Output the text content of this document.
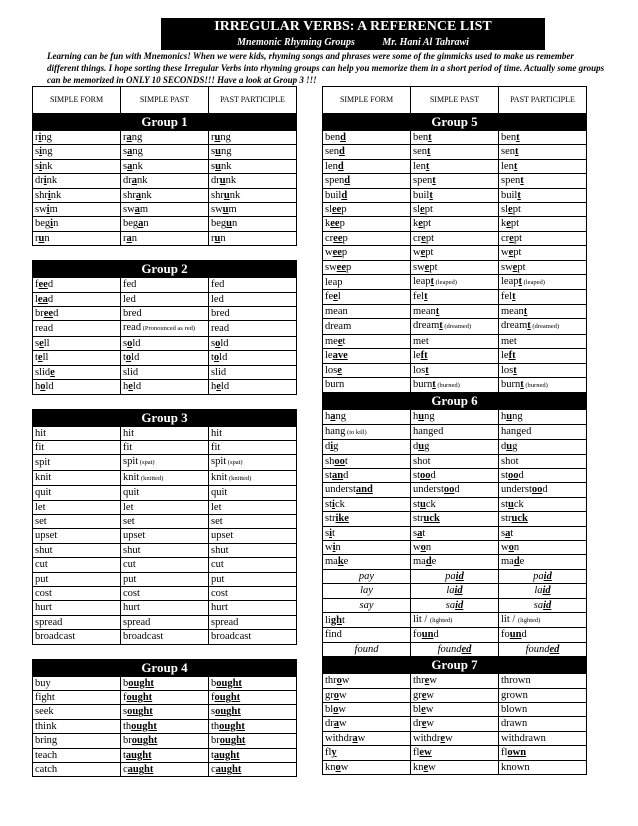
IRREGULAR VERBS: A REFERENCE LIST
Mnemonic Rhyming Groups	Mr. Hani Al Tahrawi
Learning can be fun with Mnemonics! When we were kids, rhyming songs and phrases were some of the gimmicks used to make us remember different things. I hope sorting these Irregular Verbs into rhyming groups can help you memorize them in a short period of time. Actually some groups can be memorized in ONLY 10 SECONDS!!! Have a look at Group 3 !!!
SIMPLE FORM	SIMPLE PAST	PAST PARTICIPLE
Group 1		
ring	rang	rung
sing	sang	sung
sink	sank	sunk
drink	drank	drunk
shrink	shrank	shrunk
swim	swam	swum
begin	began	begun
run	ran	run

Group 2		
feed	fed	fed
lead	led	led
breed	bred	bred
read	read (Pronounced as red)	read
sell	sold	sold
tell	told	told
slide	slid	slid
hold	held	held

Group 3		
hit	hit	hit
fit	fit	fit
spit	spit (spat)	spit (spat)
knit	knit (knitted)	knit (knitted)
quit	quit	quit
let	let	let
set	set	set
upset	upset	upset
shut	shut	shut
cut	cut	cut
put	put	put
cost	cost	cost
hurt	hurt	hurt
spread	spread	spread
broadcast	broadcast	broadcast

Group 4		
buy	bought	bought
fight	fought	fought
seek	sought	sought
think	thought	thought
bring	brought	brought
teach	taught	taught
catch	caught	caught
SIMPLE FORM	SIMPLE PAST	PAST PARTICIPLE
Group 5		
bend	bent	bent
send	sent	sent
lend	lent	lent
spend	spent	spent
build	built	built
sleep	slept	slept
keep	kept	kept
creep	crept	crept
weep	wept	wept
sweep	swept	swept
leap	leapt (leaped)	leapt (leaped)
feel	felt	felt
mean	meant	meant
dream	dreamt (dreamed)	dreamt (dreamed)
meet	met	met
leave	left	left
lose	lost	lost
burn	burnt (burned)	burnt (burned)
Group 6		
hang	hung	hung
hang (to kill)	hanged	hanged
dig	dug	dug
shoot	shot	shot
stand	stood	stood
understand	understood	understood
stick	stuck	stuck
strike	struck	struck
sit	sat	sat
win	won	won
make	made	made
pay	paid	paid
lay	laid	laid
say	said	said
light	lit / (lighted)	lit / (lighted)
find	found	found
found	founded	founded
Group 7		
throw	threw	thrown
grow	grew	grown
blow	blew	blown
draw	drew	drawn
withdraw	withdrew	withdrawn
fly	flew	flown
know	knew	known
